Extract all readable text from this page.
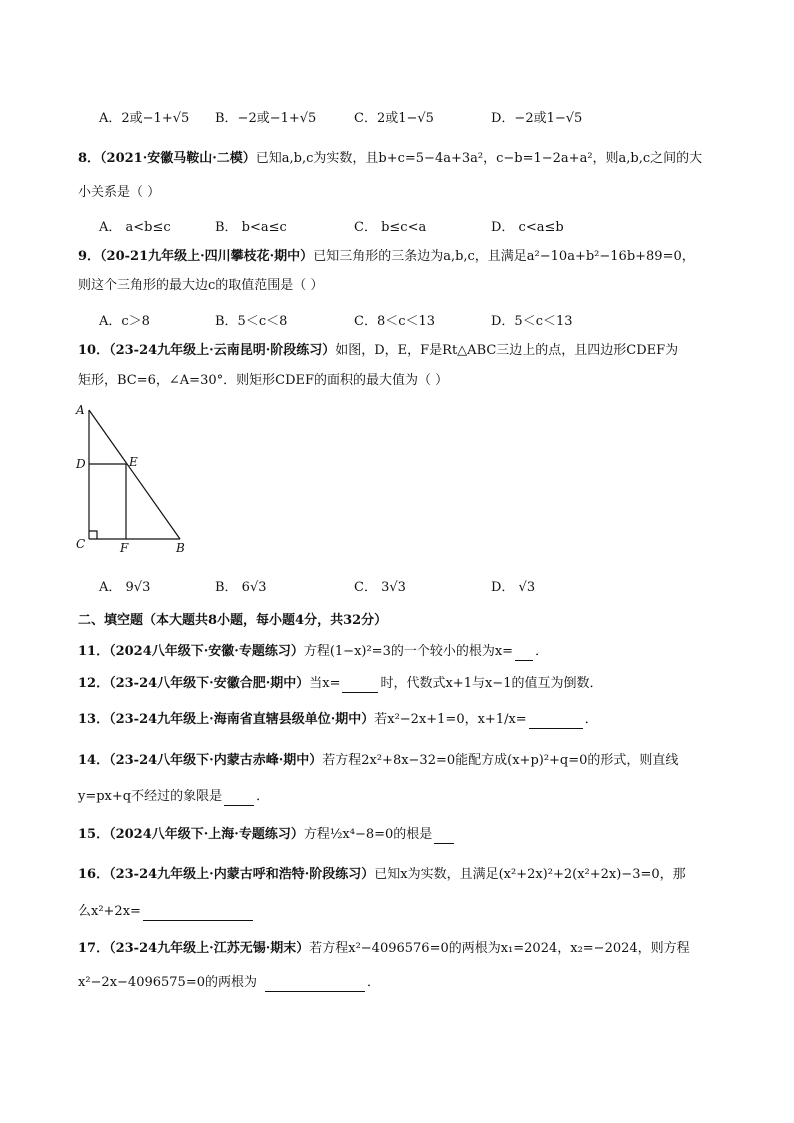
A．2或−1+√5 B．−2或−1+√5	C．2或1−√5	D．−2或1−√5
8．（2021·安徽马鞍山·二模）已知a,b,c为实数，且b+c=5−4a+3a²，c−b=1−2a+a²，则a,b,c之间的大
小关系是（ ）
A． a<b≤c	B． b<a≤c	C． b≤c<a	D． c<a≤b
9．（20-21九年级上·四川攀枝花·期中）已知三角形的三条边为a,b,c，且满足a²−10a+b²−16b+89=0，
则这个三角形的最大边c的取值范围是（ ）
A．c＞8	B．5＜c＜8	C．8＜c＜13	D．5＜c＜13
10．（23-24九年级上·云南昆明·阶段练习）如图，D，E，F是Rt△ABC三边上的点，且四边形CDEF为
矩形，BC=6，∠A=30°．则矩形CDEF的面积的最大值为（ ）
A
D	E
C	F	B
A． 9√3	B． 6√3	C． 3√3	D． √3
二、填空题（本大题共8小题，每小题4分，共32分）
11．（2024八年级下·安徽·专题练习）方程(1−x)²=3的一个较小的根为x= ．
12．（23-24八年级下·安徽合肥·期中）当x=	时，代数式x+1与x−1的值互为倒数．
13．（23-24九年级上·海南省直辖县级单位·期中）若x²−2x+1=0，x+1/x=	．
14．（23-24八年级下·内蒙古赤峰·期中）若方程2x²+8x−32=0能配方成(x+p)²+q=0的形式，则直线
y=px+q不经过的象限是	．
15．（2024八年级下·上海·专题练习）方程½x⁴−8=0的根是
16．（23-24九年级上·内蒙古呼和浩特·阶段练习）已知x为实数，且满足(x²+2x)²+2(x²+2x)−3=0，那
么x²+2x=
17．（23-24九年级上·江苏无锡·期末）若方程x²−4096576=0的两根为x₁=2024，x₂=−2024，则方程
x²−2x−4096575=0的两根为	．
